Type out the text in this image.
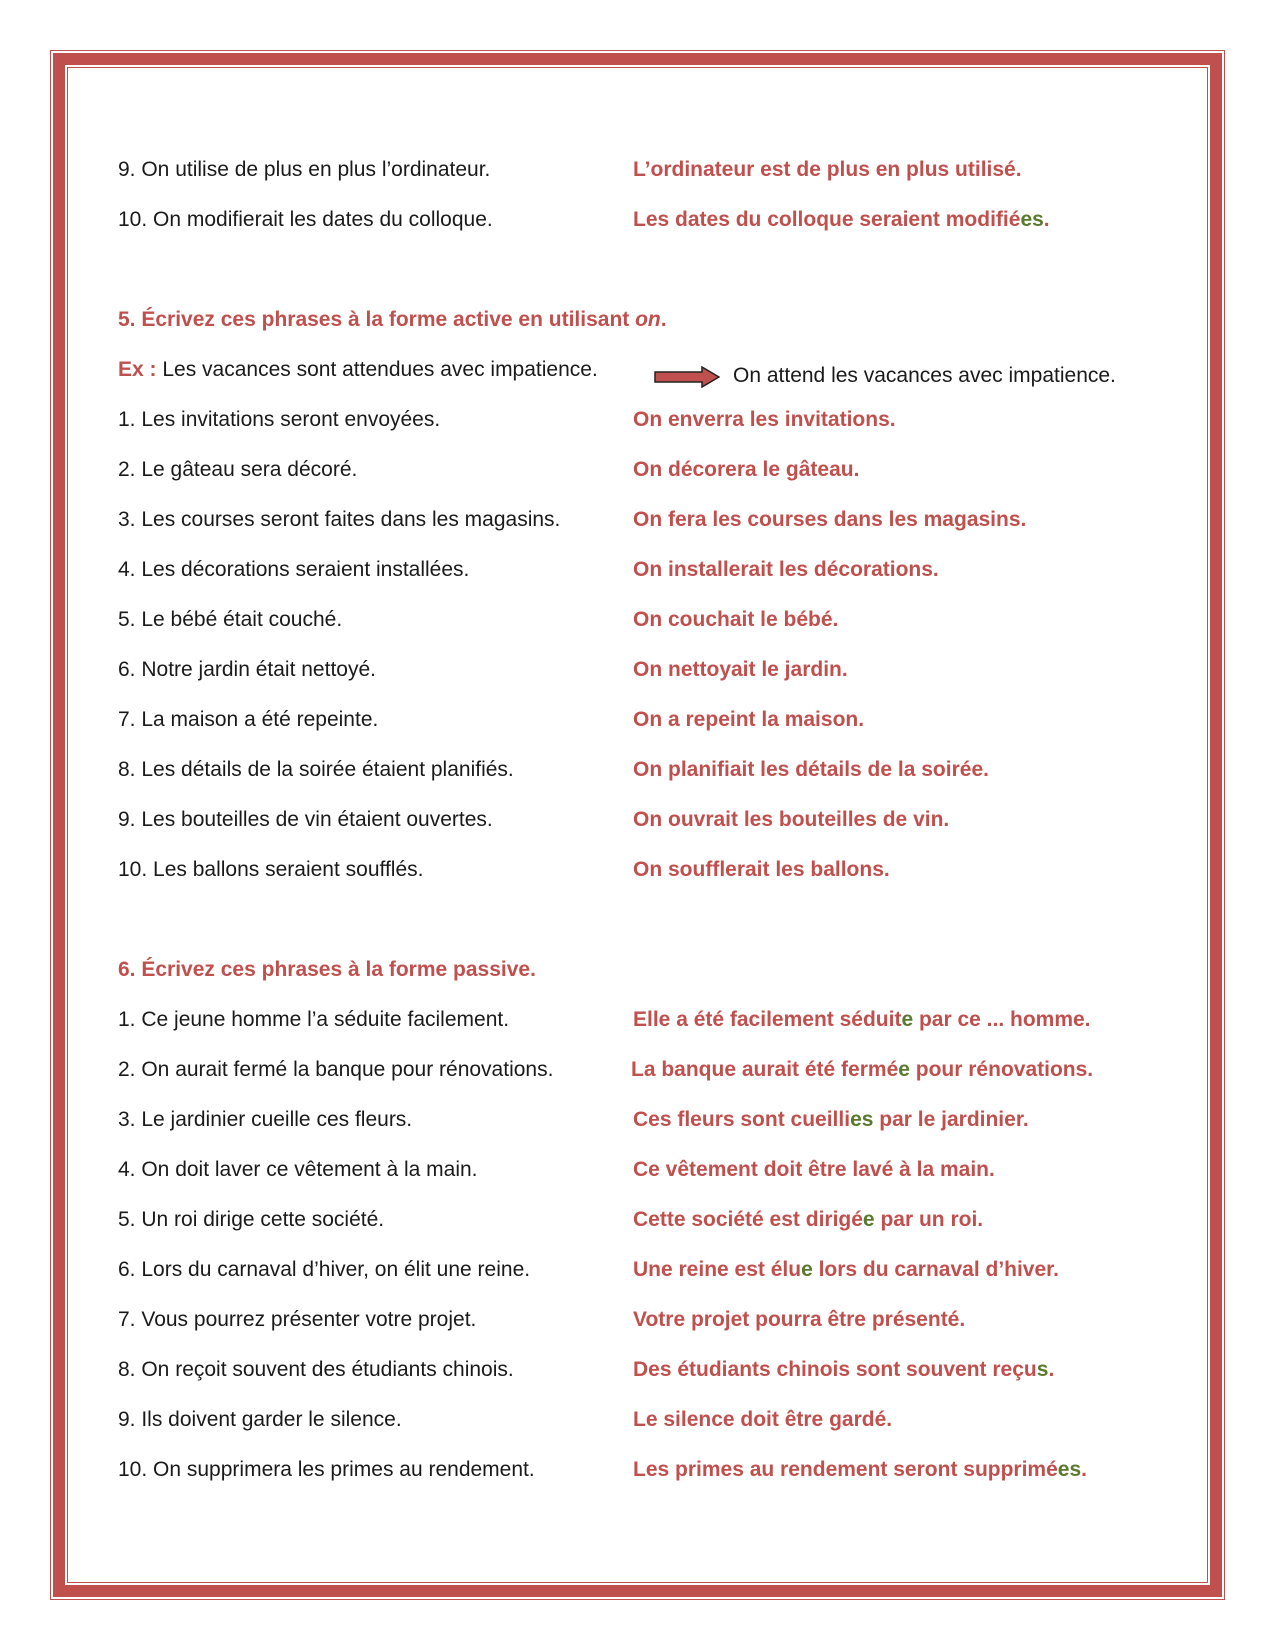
9. On utilise de plus en plus l’ordinateur.	L’ordinateur est de plus en plus utilisé.
10. On modifierait les dates du colloque.	Les dates du colloque seraient modifiées.
5. Écrivez ces phrases à la forme active en utilisant on.
Ex : Les vacances sont attendues avec impatience.	On attend les vacances avec impatience.
1. Les invitations seront envoyées.	On enverra les invitations.
2. Le gâteau sera décoré.	On décorera le gâteau.
3. Les courses seront faites dans les magasins.	On fera les courses dans les magasins.
4. Les décorations seraient installées.	On installerait les décorations.
5. Le bébé était couché.	On couchait le bébé.
6. Notre jardin était nettoyé.	On nettoyait le jardin.
7. La maison a été repeinte.	On a repeint la maison.
8. Les détails de la soirée étaient planifiés.	On planifiait les détails de la soirée.
9. Les bouteilles de vin étaient ouvertes.	On ouvrait les bouteilles de vin.
10. Les ballons seraient soufflés.	On soufflerait les ballons.
6. Écrivez ces phrases à la forme passive.
1. Ce jeune homme l’a séduite facilement.	Elle a été facilement séduite par ce ... homme.
2. On aurait fermé la banque pour rénovations.	La banque aurait été fermée pour rénovations.
3. Le jardinier cueille ces fleurs.	Ces fleurs sont cueillies par le jardinier.
4. On doit laver ce vêtement à la main.	Ce vêtement doit être lavé à la main.
5. Un roi dirige cette société.	Cette société est dirigée par un roi.
6. Lors du carnaval d’hiver, on élit une reine.	Une reine est élue lors du carnaval d’hiver.
7. Vous pourrez présenter votre projet.	Votre projet pourra être présenté.
8. On reçoit souvent des étudiants chinois.	Des étudiants chinois sont souvent reçus.
9. Ils doivent garder le silence.	Le silence doit être gardé.
10. On supprimera les primes au rendement.	Les primes au rendement seront supprimées.
